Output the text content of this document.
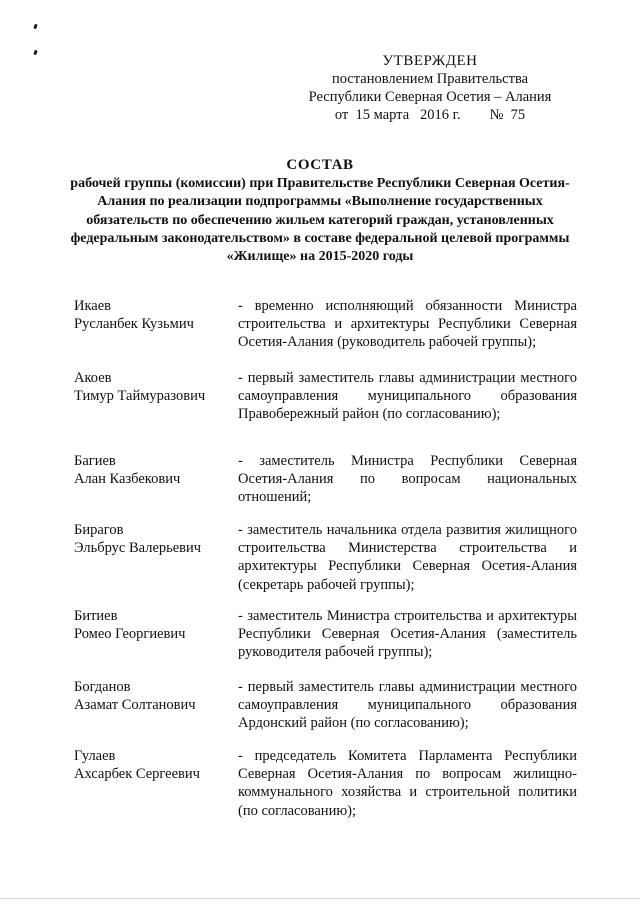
УТВЕРЖДЕН
постановлением Правительства
Республики Северная Осетия – Алания
от  15 марта   2016 г.        №  75
СОСТАВ
рабочей группы (комиссии) при Правительстве Республики Северная Осетия-Алания по реализации подпрограммы «Выполнение государственных обязательств по обеспечению жильем категорий граждан, установленных федеральным законодательством» в составе федеральной целевой программы «Жилище» на 2015-2020 годы
Икаев
Русланбек Кузьмич
- временно исполняющий обязанности Министра строительства и архитектуры Республики Северная Осетия-Алания (руководитель рабочей группы);
Акоев
Тимур Таймуразович
- первый заместитель главы администрации местного самоуправления муниципального образования Правобережный район (по согласованию);
Багиев
Алан Казбекович
- заместитель Министра Республики Северная Осетия-Алания по вопросам национальных отношений;
Бирагов
Эльбрус Валерьевич
- заместитель начальника отдела развития жилищного строительства Министерства строительства и архитектуры Республики Северная Осетия-Алания (секретарь рабочей группы);
Битиев
Ромео Георгиевич
- заместитель Министра строительства и архитектуры Республики Северная Осетия-Алания (заместитель руководителя рабочей группы);
Богданов
Азамат Солтанович
- первый заместитель главы администрации местного самоуправления муниципального образования Ардонский район (по согласованию);
Гулаев
Ахсарбек Сергеевич
- председатель Комитета Парламента Республики Северная Осетия-Алания по вопросам жилищно-коммунального хозяйства и строительной политики (по согласованию);
